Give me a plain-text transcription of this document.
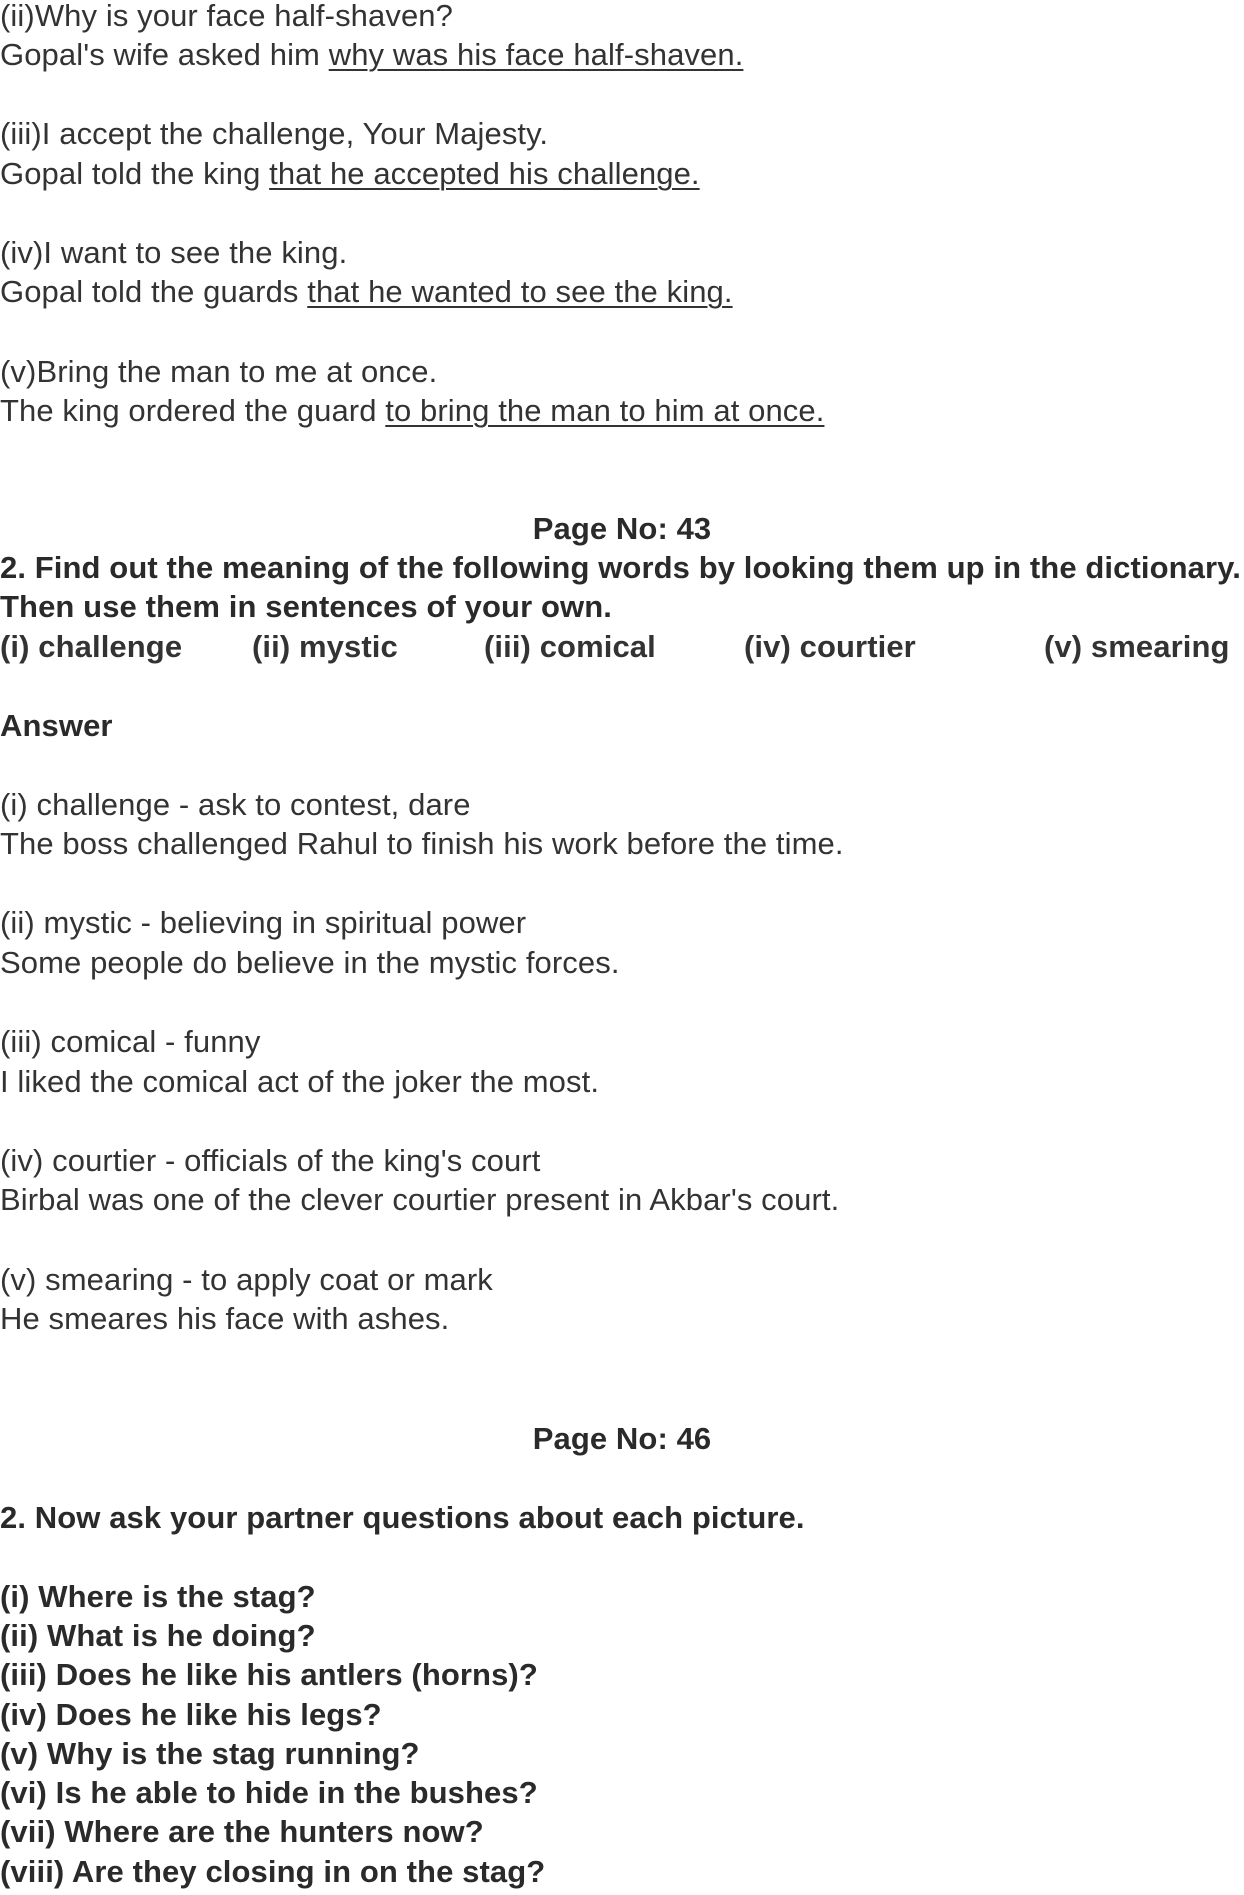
(ii)Why is your face half-shaven?
Gopal's wife asked him why was his face half-shaven.
(iii)I accept the challenge, Your Majesty.
Gopal told the king that he accepted his challenge.
(iv)I want to see the king.
Gopal told the guards that he wanted to see the king.
(v)Bring the man to me at once.
The king ordered the guard to bring the man to him at once.
Page No: 43
2. Find out the meaning of the following words by looking them up in the dictionary.
Then use them in sentences of your own.
(i) challenge (ii) mystic	(iii) comical	(iv) courtier	(v) smearing
Answer
(i) challenge - ask to contest, dare
The boss challenged Rahul to finish his work before the time.
(ii) mystic - believing in spiritual power
Some people do believe in the mystic forces.
(iii) comical - funny
I liked the comical act of the joker the most.
(iv) courtier - officials of the king's court
Birbal was one of the clever courtier present in Akbar's court.
(v) smearing - to apply coat or mark
He smeares his face with ashes.
Page No: 46
2. Now ask your partner questions about each picture.
(i) Where is the stag?
(ii) What is he doing?
(iii) Does he like his antlers (horns)?
(iv) Does he like his legs?
(v) Why is the stag running?
(vi) Is he able to hide in the bushes?
(vii) Where are the hunters now?
(viii) Are they closing in on the stag?
